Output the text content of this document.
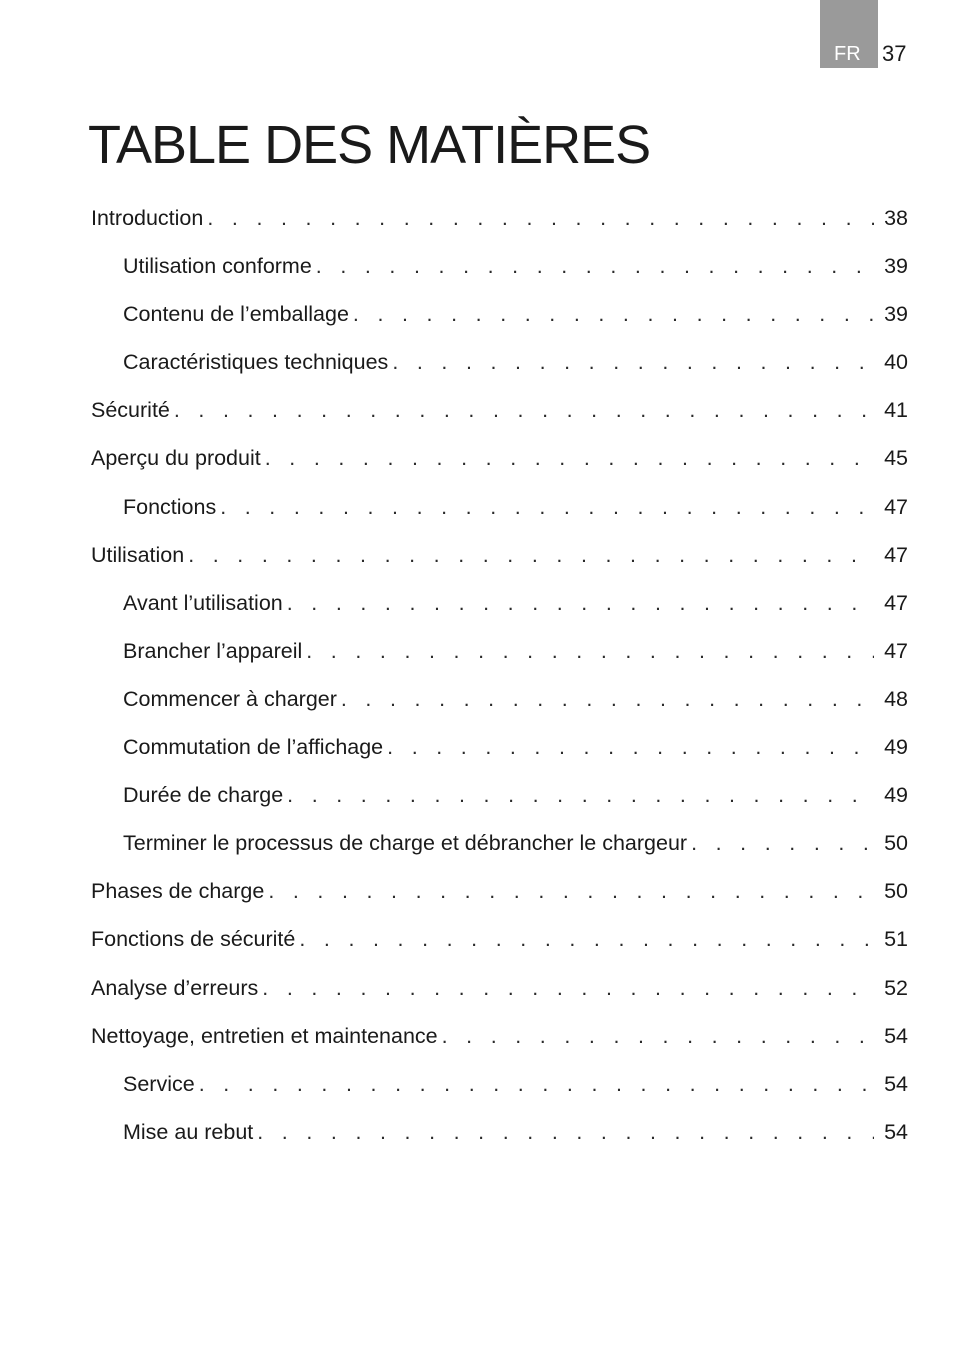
FR 37
TABLE DES MATIÈRES
Introduction . . .	38
Utilisation conforme . . .	39
Contenu de l’emballage . . .	39
Caractéristiques techniques . . .	40
Sécurité . . .	41
Aperçu du produit . . .	45
Fonctions . . .	47
Utilisation . . .	47
Avant l’utilisation . . .	47
Brancher l’appareil . . .	47
Commencer à charger . . .	48
Commutation de l’affichage . . .	49
Durée de charge . . .	49
Terminer le processus de charge et débrancher le chargeur . . .	50
Phases de charge . . .	50
Fonctions de sécurité . . .	51
Analyse d’erreurs . . .	52
Nettoyage, entretien et maintenance . . .	54
Service . . .	54
Mise au rebut . . .	54
